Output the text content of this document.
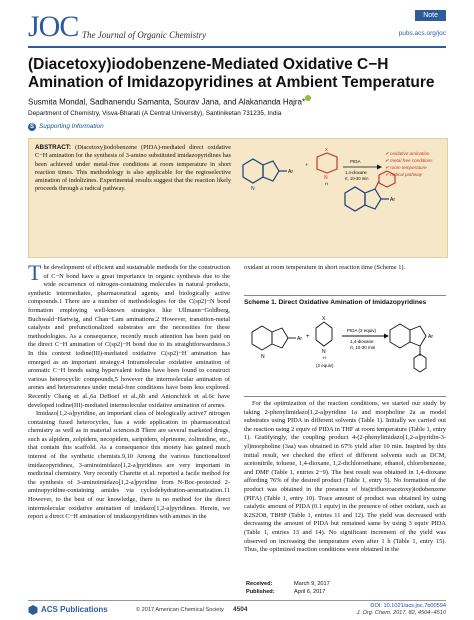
JOC The Journal of Organic Chemistry
Note
pubs.acs.org/joc
(Diacetoxy)iodobenzene-Mediated Oxidative C−H Amination of Imidazopyridines at Ambient Temperature
Susmita Mondal, Sadhanendu Samanta, Sourav Jana, and Alakananda Hajra*
Department of Chemistry, Visva-Bharati (A Central University), Santiniketan 731235, India
S Supporting Information
ABSTRACT: (Diacetoxy)iodobenzene (PIDA)-mediated direct oxidative C−H amination for the synthesis of 3-amino substituted imidazopyridines has been achieved under metal-free conditions at room temperature in short reaction times. This methodology is also applicable for the regioselective amination of indolizines. Experimental results suggest that the reaction likely proceeds through a radical pathway.	N
Ar
+
N
H
X
PIDA
1,4-dioxane
rt, 10-30 min
✔ oxidative amination
✔ metal free conditions
✔ room temperature
✔ radical pathway
Ar

The development of efficient and sustainable methods for the construction of C−N bond have a great importance in organic synthesis due to the wide occurrence of nitrogen-containing molecules in natural products, synthetic intermediates, pharmaceutical agents, and biologically active compounds.1 There are a number of methodologies for the C(sp2)−N bond formation employing well-known strategies like Ullmann−Goldberg, Buchwald−Hartwig, and Chan−Lam aminations.2 However, transition-metal catalysts and prefunctionalized substrates are the necessities for these methodologies. As a consequence, recently much attention has been paid on the direct C−H amination of C(sp2)−H bond due to its straightforwardness.3 In this context iodine(III)-mediated oxidative C(sp2)−H amination has emerged as an important strategy.4 Intramolecular oxidative amination of aromatic C−H bonds using hypervalent iodine have been found to construct various heterocyclic compounds,5 however the intermolecular amination of arenes and heteroarenes under metal-free conditions have been less explored. Recently Chang et al.,6a DeBoef et al.,6b and Antonchick et al.6c have developed iodine(III)-mediated intermolecular oxidative amination of arenes.

Imidazo[1,2-a]pyridine, an important class of biologically active7 nitrogen containing fused heterocycles, has a wide application in pharmaceutical chemistry as well as in material sciences.8 There are several marketed drugs, such as alpidem, zolpidem, necopidem, saripidem, olprinone, zolimidine, etc., that contain this scaffold. As a consequence this moiety has gained much interest of the synthetic chemists.9,10 Among the various functionalized imidazopyridines, 3-aminoimidazo[1,2-a]pyridines are very important in medicinal chemistry. Very recently Charette et al. reported a facile method for the synthesis of 3-aminoimidazo[1,2-a]pyridine from N-Boc-protected 2-aminopyridine-containing amides via cyclodehydration-aromatization.11 However, to the best of our knowledge, there is no method for the direct intermolecular oxidative amination of imidazo[1,2-a]pyridines. Herein, we report a direct C−H amination of imidazopyridines with amines in the

oxidant at room temperature in short reaction time (Scheme 1).

Scheme 1. Direct Oxidative Amination of Imidazopyridines
N
Ar +
X
N
H
(2 equiv)
PIDA (2 equiv)
1,4-dioxane
rt, 10-30 min
Ar

For the optimization of the reaction conditions, we started our study by taking 2-phenylimidazo[1,2-a]pyridine 1a and morpholine 2a as model substrates using PIDA in different solvents (Table 1). Initially we carried out the reaction using 2 equiv of PIDA in THF at room temperature (Table 1, entry 1). Gratifyingly, the coupling product 4-(2-phenylimidazo[1,2-a]pyridin-3-yl)morpholine (3aa) was obtained in 67% yield after 10 min. Inspired by this initial result, we checked the effect of different solvents such as DCM, acetonitrile, toluene, 1,4-dioxane, 1,2-dichloroethane, ethanol, chlorobenzene, and DMF (Table 1, entries 2−9). The best result was obtained in 1,4-dioxane affording 76% of the desired product (Table 1, entry 5). No formation of the product was obtained in the presence of bis(trifluoroacetoxy)iodobenzene (PIFA) (Table 1, entry 10). Trace amount of product was obtained by using catalytic amount of PIDA (0.1 equiv) in the presence of other oxidant, such as K2S2O8, TBHP (Table 1, entries 11 and 12). The yield was decreased with decreasing the amount of PIDA but remained same by using 3 equiv PIDA (Table 1, entries 13 and 14). No significant increment of the yield was observed on increasing the temperature even after 1 h (Table 1, entry 15). Thus, the optimized reaction conditions were obtained in the

Received:	March 9, 2017
Published:	April 6, 2017
ACS Publications	© 2017 American Chemical Society 4504	DOI: 10.1021/acs.joc.7b00594
J. Org. Chem. 2017, 82, 4504−4510
